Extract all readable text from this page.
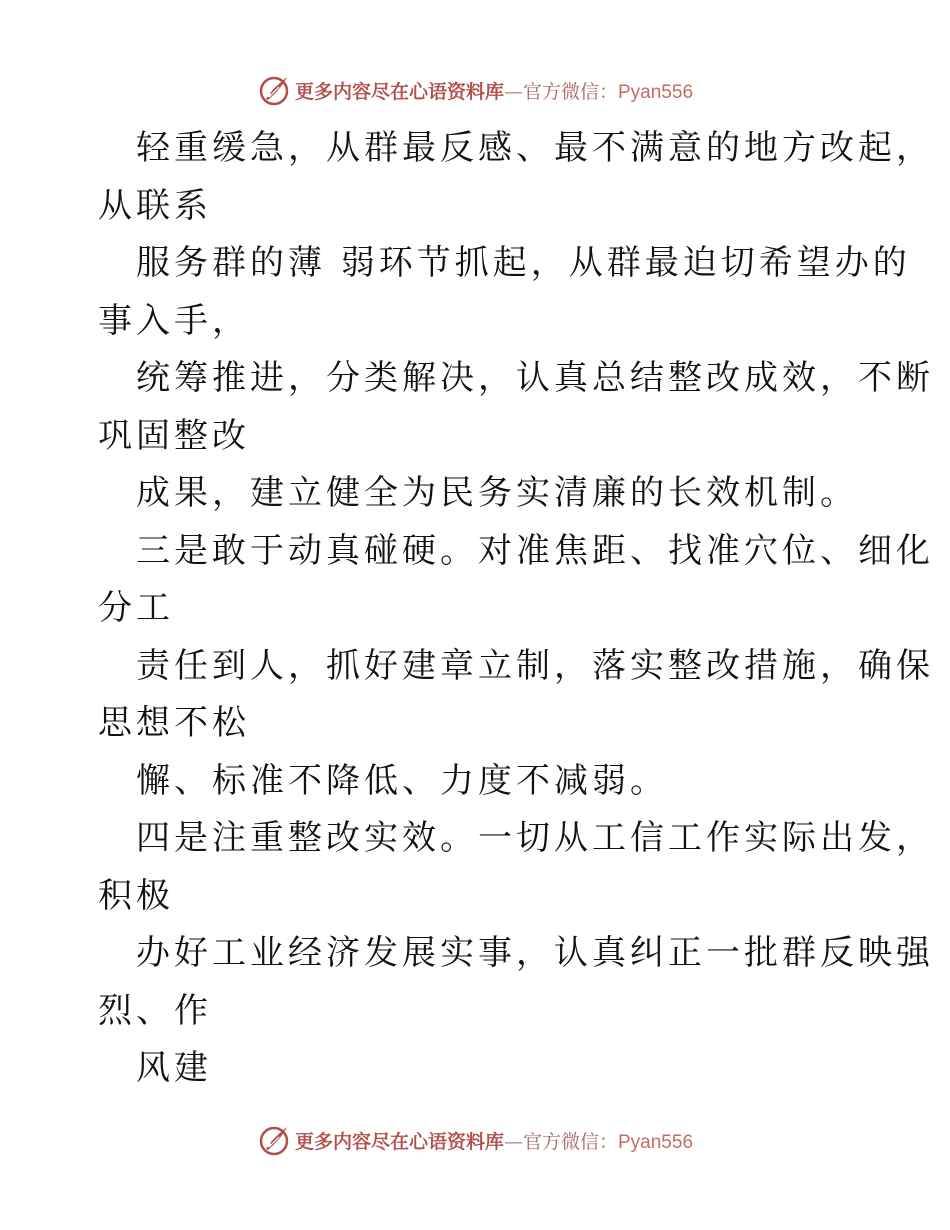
更多内容尽在心语资料库—官方微信：Pyan556
轻重缓急，从群最反感、最不满意的地方改起，
从联系
服务群的薄 弱环节抓起，从群最迫切希望办的
事入手，
统筹推进，分类解决，认真总结整改成效，不断
巩固整改
成果，建立健全为民务实清廉的长效机制。
三是敢于动真碰硬。对准焦距、找准穴位、细化
分工
责任到人，抓好建章立制，落实整改措施，确保
思想不松
懈、标准不降低、力度不减弱。
四是注重整改实效。一切从工信工作实际出发，
积极
办好工业经济发展实事，认真纠正一批群反映强
烈、作
风建
更多内容尽在心语资料库—官方微信：Pyan556
